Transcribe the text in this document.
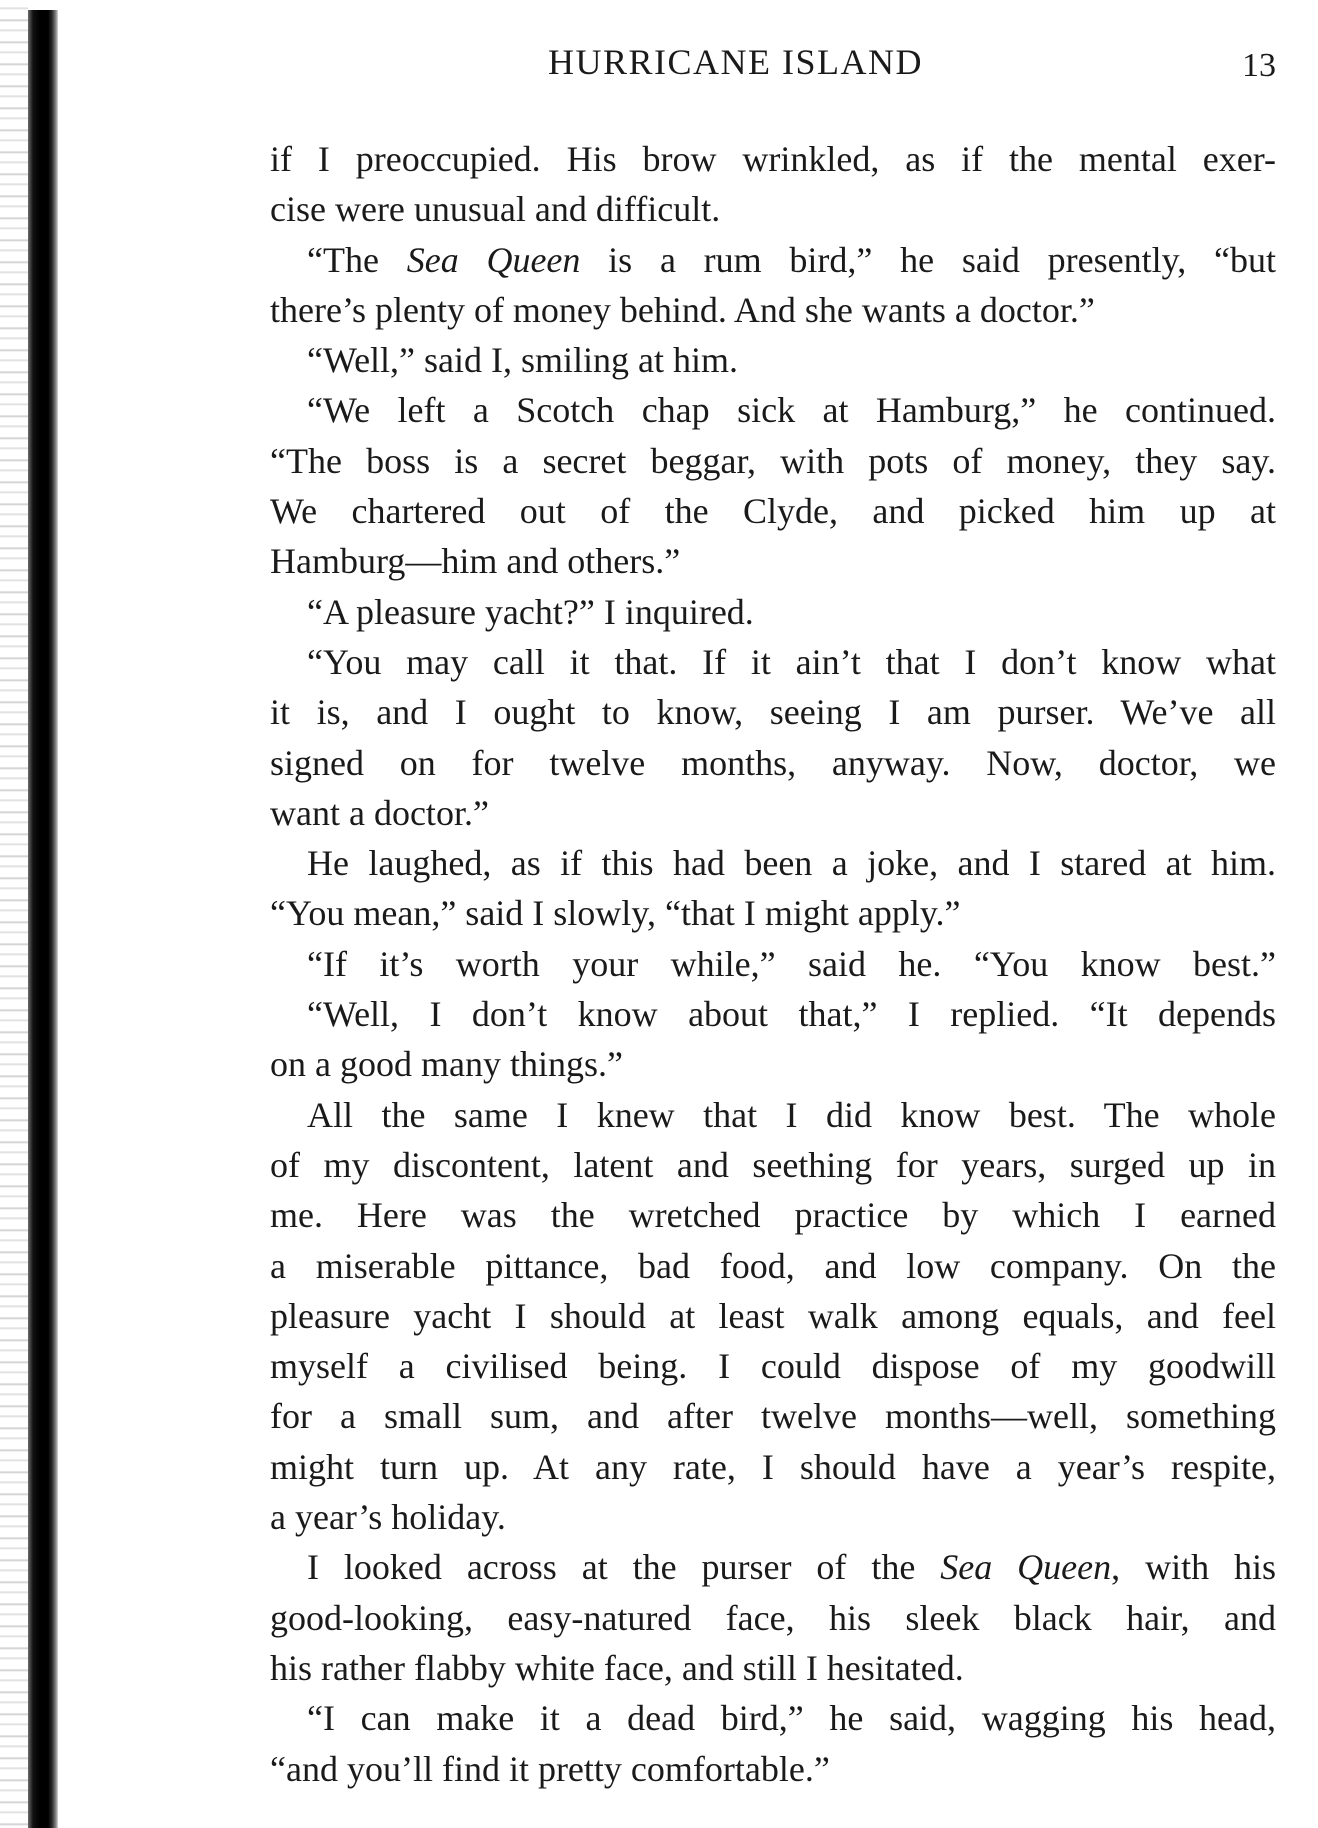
HURRICANE ISLAND	13
if I preoccupied. His brow wrinkled, as if the mental exer-
cise were unusual and difficult.
“The Sea Queen is a rum bird,” he said presently, “but
there’s plenty of money behind. And she wants a doctor.”
“Well,” said I, smiling at him.
“We left a Scotch chap sick at Hamburg,” he continued.
“The boss is a secret beggar, with pots of money, they say.
We chartered out of the Clyde, and picked him up at
Hamburg—him and others.”
“A pleasure yacht?” I inquired.
“You may call it that. If it ain’t that I don’t know what
it is, and I ought to know, seeing I am purser. We’ve all
signed on for twelve months, anyway. Now, doctor, we
want a doctor.”
He laughed, as if this had been a joke, and I stared at him.
“You mean,” said I slowly, “that I might apply.”
“If it’s worth your while,” said he. “You know best.”
“Well, I don’t know about that,” I replied. “It depends
on a good many things.”
All the same I knew that I did know best. The whole
of my discontent, latent and seething for years, surged up in
me. Here was the wretched practice by which I earned
a miserable pittance, bad food, and low company. On the
pleasure yacht I should at least walk among equals, and feel
myself a civilised being. I could dispose of my goodwill
for a small sum, and after twelve months—well, something
might turn up. At any rate, I should have a year’s respite,
a year’s holiday.
I looked across at the purser of the Sea Queen, with his
good-looking, easy-natured face, his sleek black hair, and
his rather flabby white face, and still I hesitated.
“I can make it a dead bird,” he said, wagging his head,
“and you’ll find it pretty comfortable.”
